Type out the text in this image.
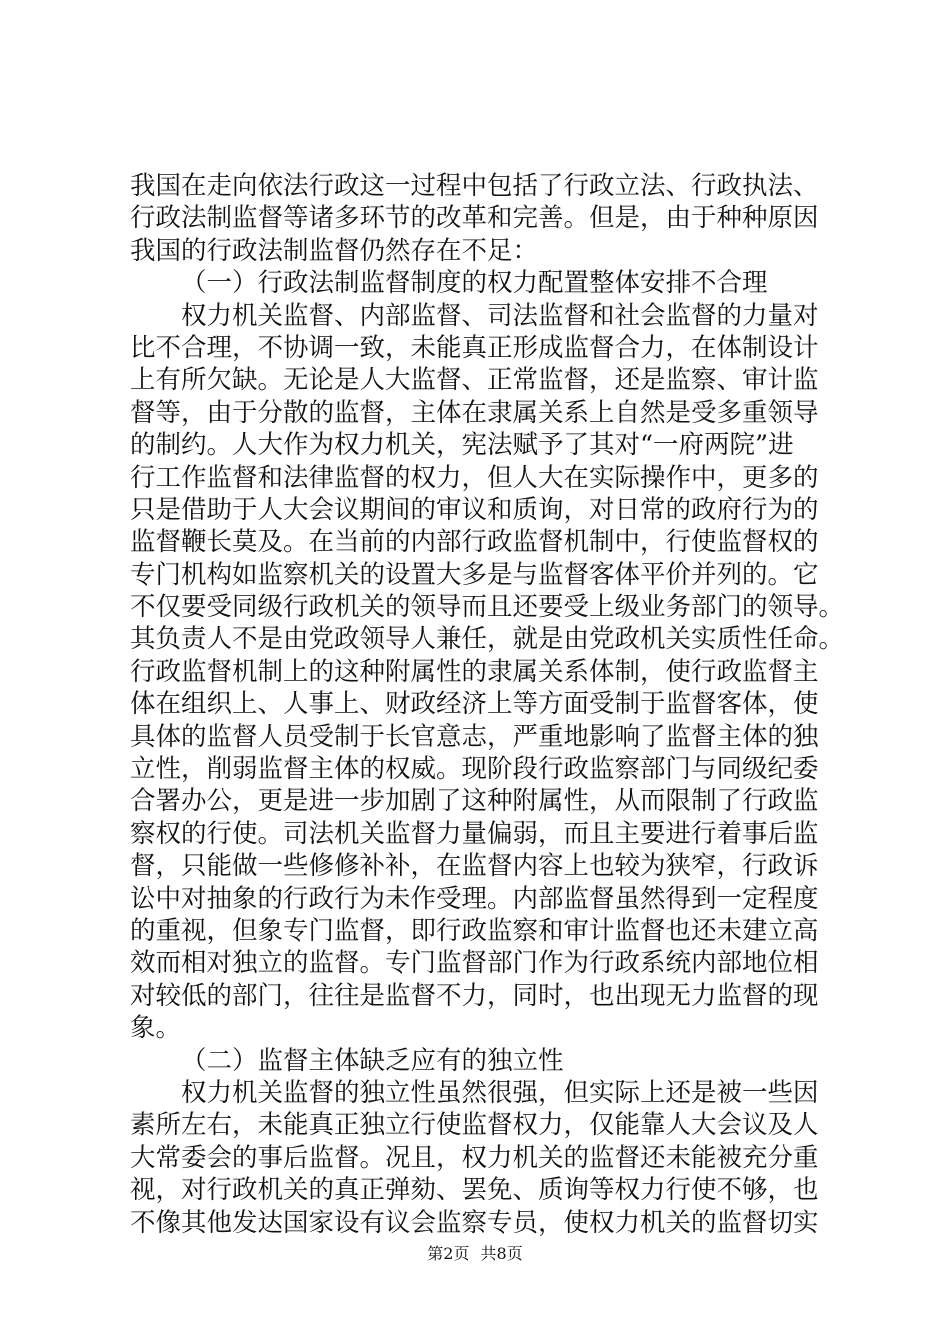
我国在走向依法行政这一过程中包括了行政立法、行政执法、
行政法制监督等诸多环节的改革和完善。但是，由于种种原因
我国的行政法制监督仍然存在不足：
（一）行政法制监督制度的权力配置整体安排不合理
权力机关监督、内部监督、司法监督和社会监督的力量对
比不合理，不协调一致，未能真正形成监督合力，在体制设计
上有所欠缺。无论是人大监督、正常监督，还是监察、审计监
督等，由于分散的监督，主体在隶属关系上自然是受多重领导
的制约。人大作为权力机关，宪法赋予了其对“一府两院”进
行工作监督和法律监督的权力，但人大在实际操作中，更多的
只是借助于人大会议期间的审议和质询，对日常的政府行为的
监督鞭长莫及。在当前的内部行政监督机制中，行使监督权的
专门机构如监察机关的设置大多是与监督客体平价并列的。它
不仅要受同级行政机关的领导而且还要受上级业务部门的领导。
其负责人不是由党政领导人兼任，就是由党政机关实质性任命。
行政监督机制上的这种附属性的隶属关系体制，使行政监督主
体在组织上、人事上、财政经济上等方面受制于监督客体，使
具体的监督人员受制于长官意志，严重地影响了监督主体的独
立性，削弱监督主体的权威。现阶段行政监察部门与同级纪委
合署办公，更是进一步加剧了这种附属性，从而限制了行政监
察权的行使。司法机关监督力量偏弱，而且主要进行着事后监
督，只能做一些修修补补，在监督内容上也较为狭窄，行政诉
讼中对抽象的行政行为未作受理。内部监督虽然得到一定程度
的重视，但象专门监督，即行政监察和审计监督也还未建立高
效而相对独立的监督。专门监督部门作为行政系统内部地位相
对较低的部门，往往是监督不力，同时，也出现无力监督的现
象。
（二）监督主体缺乏应有的独立性
权力机关监督的独立性虽然很强，但实际上还是被一些因
素所左右，未能真正独立行使监督权力，仅能靠人大会议及人
大常委会的事后监督。况且，权力机关的监督还未能被充分重
视，对行政机关的真正弹劾、罢免、质询等权力行使不够，也
不像其他发达国家设有议会监察专员，使权力机关的监督切实
第2页 共8页
